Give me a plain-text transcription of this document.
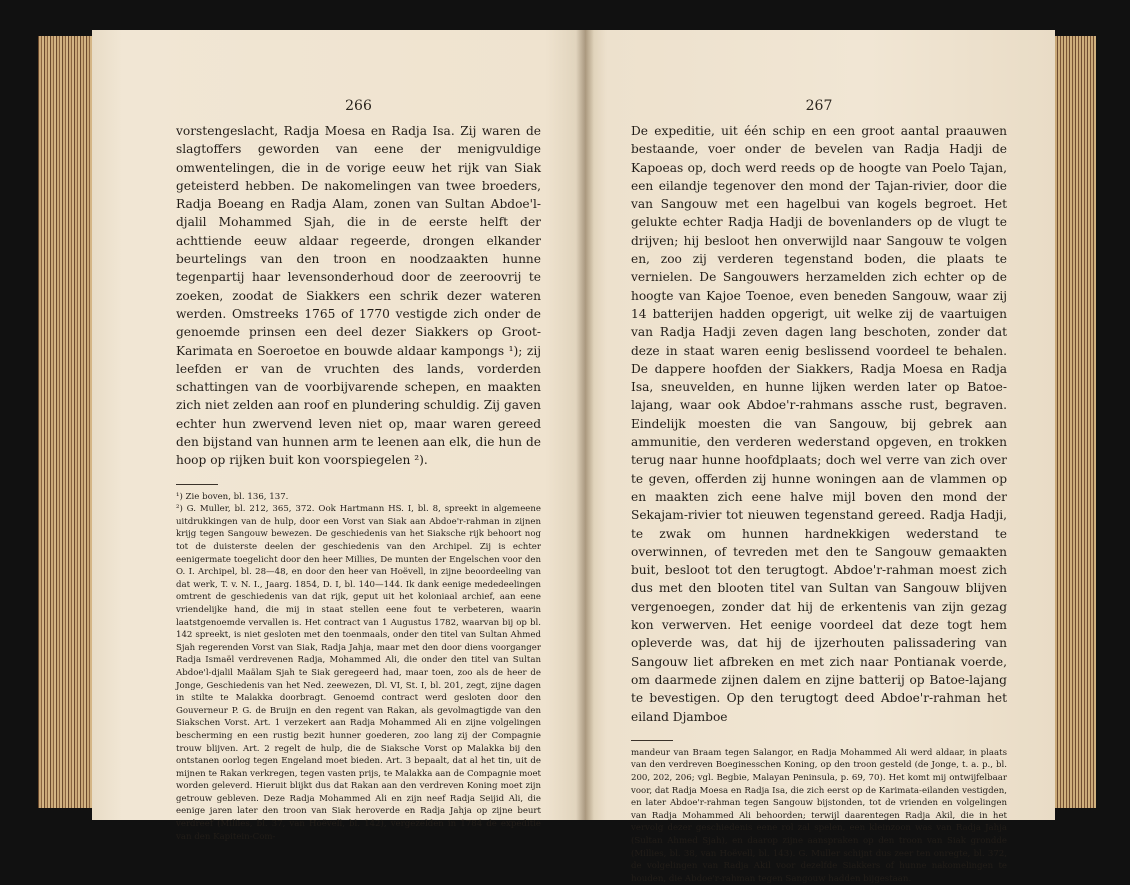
266

vorstengeslacht, Radja Moesa en Radja Isa. Zij waren de slagtoffers geworden van eene der menigvuldige omwentelingen, die in de vorige eeuw het rijk van Siak geteisterd hebben. De nakomelingen van twee broeders, Radja Boeang en Radja Alam, zonen van Sultan Abdoe'l-djalil Mohammed Sjah, die in de eerste helft der achttiende eeuw aldaar regeerde, drongen elkander beurtelings van den troon en noodzaakten hunne tegenpartij haar levensonderhoud door de zeeroovrij te zoeken, zoodat de Siakkers een schrik dezer wateren werden. Omstreeks 1765 of 1770 vestigde zich onder de genoemde prinsen een deel dezer Siakkers op Groot-Karimata en Soeroetoe en bouwde aldaar kampongs ¹); zij leefden er van de vruchten des lands, vorderden schattingen van de voorbijvarende schepen, en maakten zich niet zelden aan roof en plundering schuldig. Zij gaven echter hun zwervend leven niet op, maar waren gereed den bijstand van hunnen arm te leenen aan elk, die hun de hoop op rijken buit kon voorspiegelen ²).

¹) Zie boven, bl. 136, 137.

²) G. Muller, bl. 212, 365, 372. Ook Hartmann HS. I, bl. 8, spreekt in algemeene uitdrukkingen van de hulp, door een Vorst van Siak aan Abdoe'r-rahman in zijnen krijg tegen Sangouw bewezen. De geschiedenis van het Siaksche rijk behoort nog tot de duisterste deelen der geschiedenis van den Archipel. Zij is echter eenigermate toegelicht door den heer Millies, De munten der Engelschen voor den O. I. Archipel, bl. 28—48, en door den heer van Hoëvell, in zijne beoordeeling van dat werk, T. v. N. I., Jaarg. 1854, D. I, bl. 140—144. Ik dank eenige mededeelingen omtrent de geschiedenis van dat rijk, geput uit het koloniaal archief, aan eene vriendelijke hand, die mij in staat stellen eene fout te verbeteren, waarin laatstgenoemde vervallen is. Het contract van 1 Augustus 1782, waarvan bij op bl. 142 spreekt, is niet gesloten met den toenmaals, onder den titel van Sultan Ahmed Sjah regerenden Vorst van Siak, Radja Jahja, maar met den door diens voorganger Radja Ismaël verdrevenen Radja, Mohammed Ali, die onder den titel van Sultan Abdoe'l-djalil Maälam Sjah te Siak geregeerd had, maar toen, zoo als de heer de Jonge, Geschiedenis van het Ned. zeewezen, Dl. VI, St. I, bl. 201, zegt, zijne dagen in stilte te Malakka doorbragt. Genoemd contract werd gesloten door den Gouverneur P. G. de Bruijn en den regent van Rakan, als gevolmagtigde van den Siakschen Vorst. Art. 1 verzekert aan Radja Mohammed Ali en zijne volgelingen bescherming en een rustig bezit hunner goederen, zoo lang zij der Compagnie trouw blijven. Art. 2 regelt de hulp, die de Siaksche Vorst op Malakka bij den ontstanen oorlog tegen Engeland moet bieden. Art. 3 bepaalt, dat al het tin, uit de mijnen te Rakan verkregen, tegen vasten prijs, te Malakka aan de Compagnie moet worden geleverd. Hieruit blijkt dus dat Rakan aan den verdreven Koning moet zijn getrouw gebleven. Deze Radja Mohammed Ali en zijn neef Radja Seijid Ali, die eenige jaren later den troon van Siak heroverde en Radja Jahja op zijne beurt verdreef (Millies, bl. 37, van Hoëvell, bl. 142), vergezelden in 1784 de expeditie van den Kapitein-Com-

267

De expeditie, uit één schip en een groot aantal praauwen bestaande, voer onder de bevelen van Radja Hadji de Kapoeas op, doch werd reeds op de hoogte van Poelo Tajan, een eilandje tegenover den mond der Tajan-rivier, door die van Sangouw met een hagelbui van kogels begroet. Het gelukte echter Radja Hadji de bovenlanders op de vlugt te drijven; hij besloot hen onverwijld naar Sangouw te volgen en, zoo zij verderen tegenstand boden, die plaats te vernielen. De Sangouwers herzamelden zich echter op de hoogte van Kajoe Toenoe, even beneden Sangouw, waar zij 14 batterijen hadden opgerigt, uit welke zij de vaartuigen van Radja Hadji zeven dagen lang beschoten, zonder dat deze in staat waren eenig beslissend voordeel te behalen. De dappere hoofden der Siakkers, Radja Moesa en Radja Isa, sneuvelden, en hunne lijken werden later op Batoe-lajang, waar ook Abdoe'r-rahmans assche rust, begraven. Eindelijk moesten die van Sangouw, bij gebrek aan ammunitie, den verderen wederstand opgeven, en trokken terug naar hunne hoofdplaats; doch wel verre van zich over te geven, offerden zij hunne woningen aan de vlammen op en maakten zich eene halve mijl boven den mond der Sekajam-rivier tot nieuwen tegenstand gereed. Radja Hadji, te zwak om hunnen hardnekkigen wederstand te overwinnen, of tevreden met den te Sangouw gemaakten buit, besloot tot den terugtogt. Abdoe'r-rahman moest zich dus met den blooten titel van Sultan van Sangouw blijven vergenoegen, zonder dat hij de erkentenis van zijn gezag kon verwerven. Het eenige voordeel dat deze togt hem opleverde was, dat hij de ijzerhouten palissadering van Sangouw liet afbreken en met zich naar Pontianak voerde, om daarmede zijnen dalem en zijne batterij op Batoe-lajang te bevestigen. Op den terugtogt deed Abdoe'r-rahman het eiland Djamboe

mandeur van Braam tegen Salangor, en Radja Mohammed Ali werd aldaar, in plaats van den verdreven Boeginesschen Koning, op den troon gesteld (de Jonge, t. a. p., bl. 200, 202, 206; vgl. Begbie, Malayan Peninsula, p. 69, 70). Het komt mij ontwijfelbaar voor, dat Radja Moesa en Radja Isa, die zich eerst op de Karimata-eilanden vestigden, en later Abdoe'r-rahman tegen Sangouw bijstonden, tot de vrienden en volgelingen van Radja Mohammed Ali behoorden; terwijl daarentegen Radja Akil, die in het vervolg dezer geschiedenis eene rol zal spelen, een kleinzoon was van Radja Jahja (Sultan Ahmed Sjah), en daarop zijne aanspraken op den troon van Siak grondde (Millies, bl. 38, van Hoëvell, bl. 143). G. Muller schijnt dus zeer ten onregte, bl. 372, de volgelingen van Radja Akil voor dezelfde Siakkers of hunne nakomelingen te houden, die Abdoe'r-rahman tegen Sangouw hadden bijgestaan.
